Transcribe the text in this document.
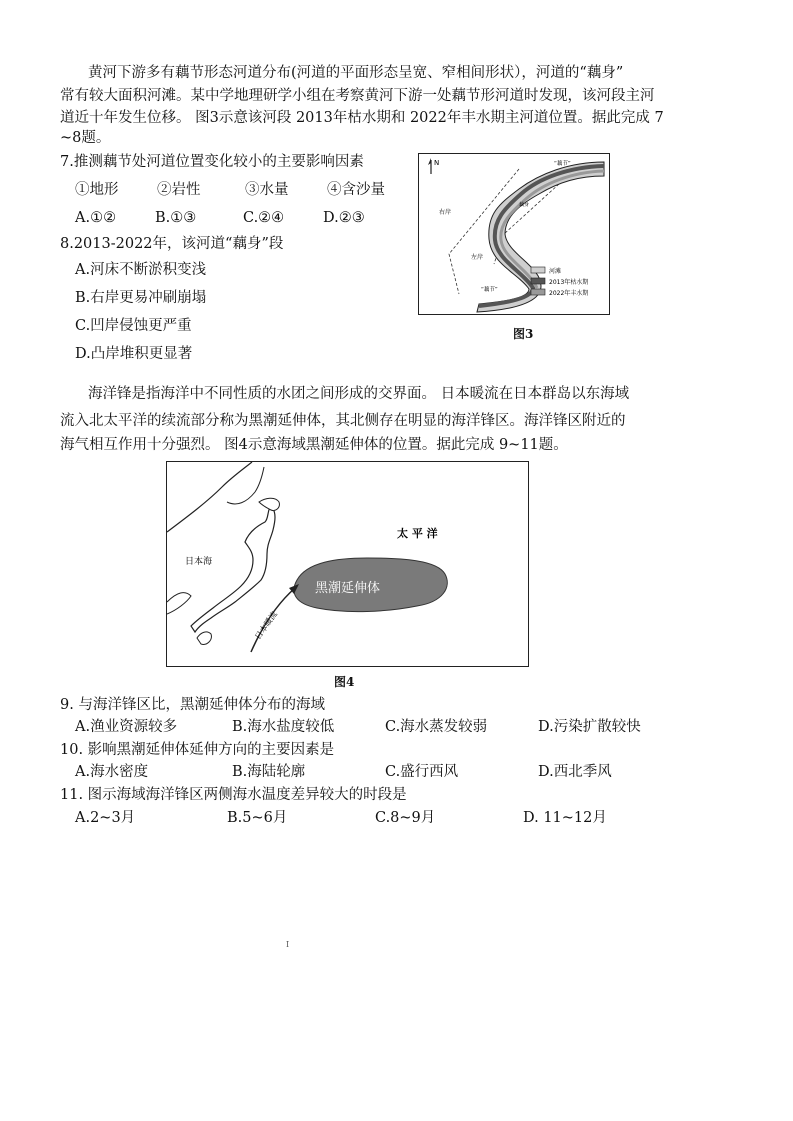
黄河下游多有藕节形态河道分布(河道的平面形态呈宽、窄相间形状），河道的“藕身”
常有较大面积河滩。某中学地理研学小组在考察黄河下游一处藕节形河道时发现，该河段主河
道近十年发生位移。 图3示意该河段 2013年枯水期和 2022年丰水期主河道位置。据此完成 7
~8题。
7.推测藕节处河道位置变化较小的主要影响因素
①地形	②岩性	③水量	④含沙量
A.①②	B.①③	C.②④	D.②③
8.2013-2022年，该河道“藕身”段
A.河床不断淤积变浅
B.右岸更易冲刷崩塌
C.凹岸侵蚀更严重
D.凸岸堆积更显著
N	“藕节”
右岸
藕身
左岸
“藕节”
河滩
2013年枯水期
2022年丰水期
图3
海洋锋是指海洋中不同性质的水团之间形成的交界面。 日本暖流在日本群岛以东海域
流入北太平洋的续流部分称为黑潮延伸体，其北侧存在明显的海洋锋区。海洋锋区附近的
海气相互作用十分强烈。 图4示意海域黑潮延伸体的位置。据此完成 9~11题。
日本海
太 平 洋
黑潮延伸体
日本暖流
图4
9. 与海洋锋区比，黑潮延伸体分布的海域
A.渔业资源较多	B.海水盐度较低	C.海水蒸发较弱	D.污染扩散较快
10. 影响黑潮延伸体延伸方向的主要因素是
A.海水密度	B.海陆轮廓	C.盛行西风	D.西北季风
11. 图示海域海洋锋区两侧海水温度差异较大的时段是
A.2~3月	B.5~6月	C.8~9月	D. 11~12月
I
